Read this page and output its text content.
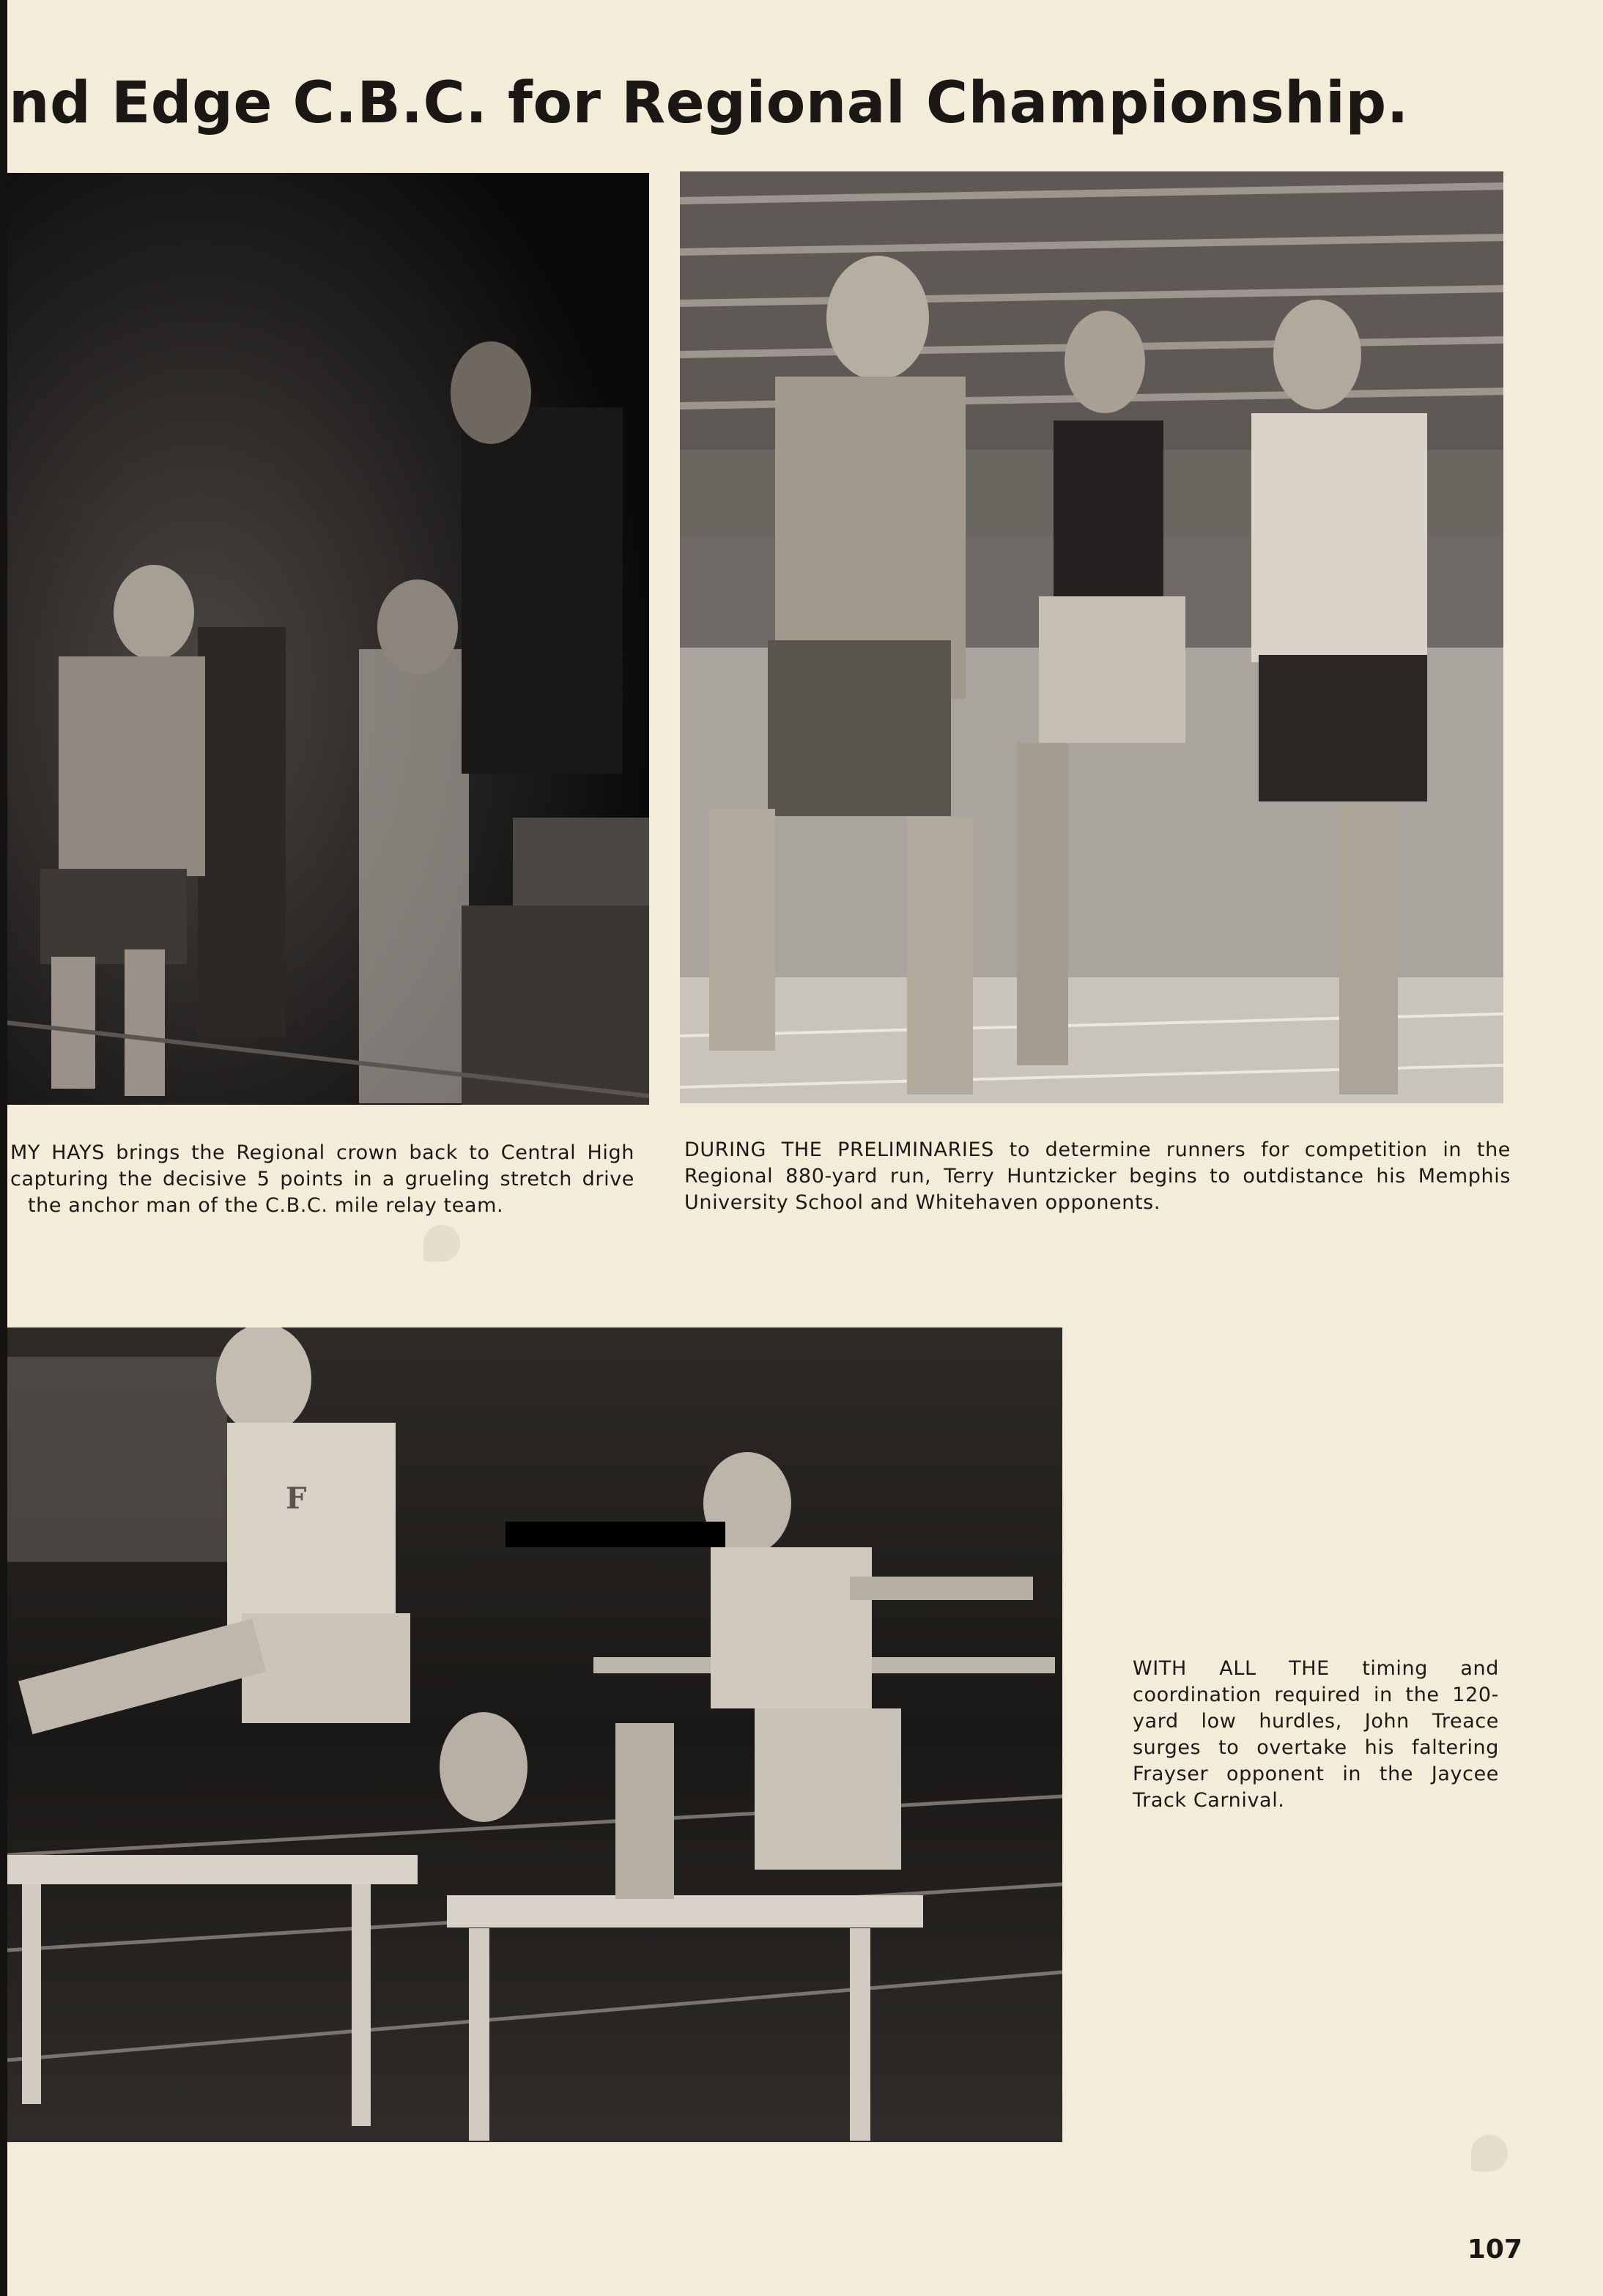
nd Edge C.B.C. for Regional Championship.

MY HAYS brings the Regional crown back to Central High
capturing the decisive 5 points in a grueling stretch drive
the anchor man of the C.B.C. mile relay team.

DURING THE PRELIMINARIES to determine runners for competition in the Regional 880-yard run, Terry Huntzicker begins to outdistance his Memphis University School and Whitehaven opponents.

F

WITH ALL THE timing and coordination required in the 120-yard low hurdles, John Treace surges to overtake his faltering Frayser opponent in the Jaycee Track Carnival.

107
